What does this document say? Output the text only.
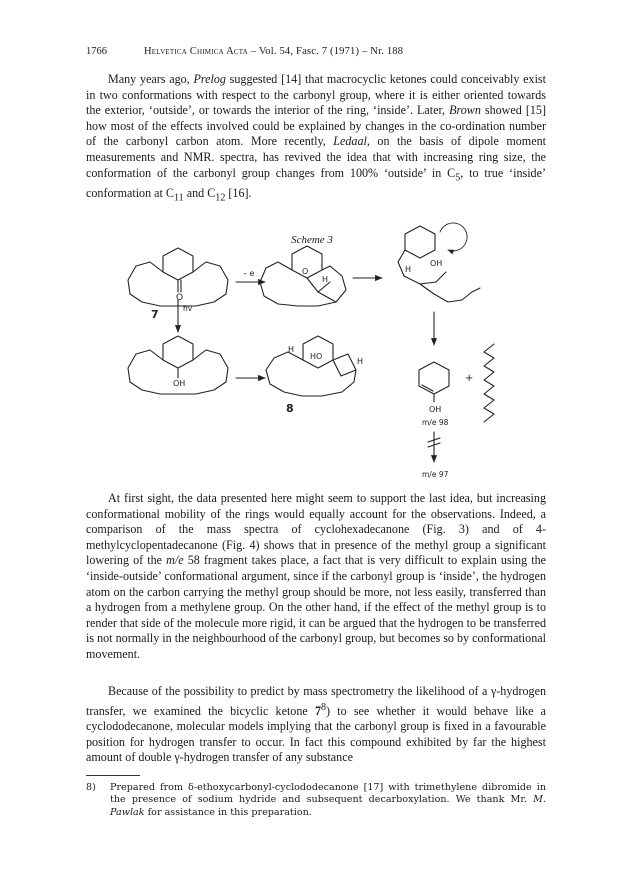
1766	Helvetica Chimica Acta – Vol. 54, Fasc. 7 (1971) – Nr. 188
Many years ago, Prelog suggested [14] that macrocyclic ketones could conceivably exist in two conformations with respect to the carbonyl group, where it is either oriented towards the exterior, ‘outside’, or towards the interior of the ring, ‘inside’. Later, Brown showed [15] how most of the effects involved could be explained by changes in the co-ordination number of the carbonyl carbon atom. More recently, Ledaal, on the basis of dipole moment measurements and NMR. spectra, has revived the idea that with increasing ring size, the conformation of the carbonyl group changes from 100% ‘outside’ in $C_5$, to true ‘inside’ conformation at $C_{11}$ and $C_{12}$ [16].
Scheme 3
O
7
– e	O
H
H
OH
hv
OH
H
HO
H
8	OH
+
m/e 98
m/e 97
At first sight, the data presented here might seem to support the last idea, but increasing conformational mobility of the rings would equally account for the observations. Indeed, a comparison of the mass spectra of cyclohexadecanone (Fig. 3) and of 4-methylcyclopentadecanone (Fig. 4) shows that in presence of the methyl group a significant lowering of the m/e 58 fragment takes place, a fact that is very difficult to explain using the ‘inside-outside’ conformational argument, since if the carbonyl group is ‘inside’, the hydrogen atom on the carbon carrying the methyl group should be more, not less easily, transferred than a hydrogen from a methylene group. On the other hand, if the effect of the methyl group is to render that side of the molecule more rigid, it can be argued that the hydrogen to be transferred is not normally in the neighbourhood of the carbonyl group, but becomes so by conformational movement.
Because of the possibility to predict by mass spectrometry the likelihood of a γ-hydrogen transfer, we examined the bicyclic ketone $7^8$) to see whether it would behave like a cyclododecanone, molecular models implying that the carbonyl group is fixed in a favourable position for hydrogen transfer to occur. In fact this compound exhibited by far the highest amount of double γ-hydrogen transfer of any substance
8) Prepared from δ-ethoxycarbonyl-cyclododecanone [17] with trimethylene dibromide in the presence of sodium hydride and subsequent decarboxylation. We thank Mr. M. Pawlak for assistance in this preparation.
